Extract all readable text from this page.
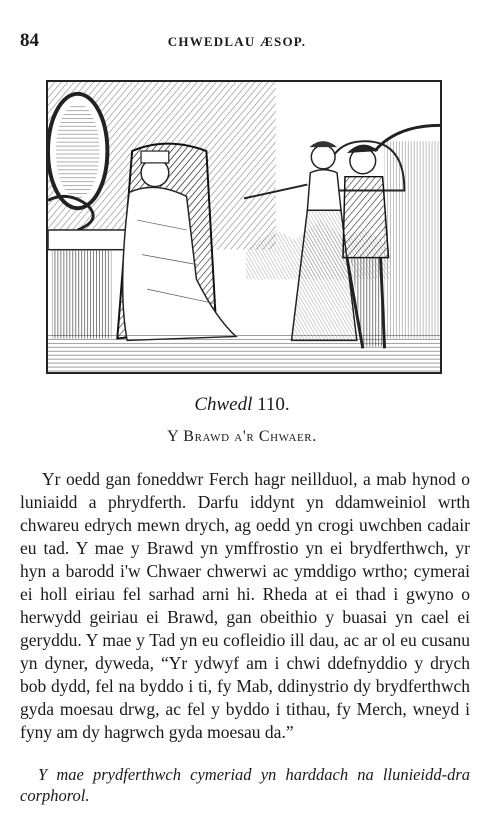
84	CHWEDLAU ÆSOP.
Chwedl 110.
Y Brawd a'r Chwaer.

Yr oedd gan foneddwr Ferch hagr neillduol, a mab hynod o luniaidd a phrydferth. Darfu iddynt yn ddamweiniol wrth chwareu edrych mewn drych, ag oedd yn crogi uwchben cadair eu tad. Y mae y Brawd yn ymffrostio yn ei brydferthwch, yr hyn a barodd i'w Chwaer chwerwi ac ymddigo wrtho; cymerai ei holl eiriau fel sarhad arni hi. Rheda at ei thad i gwyno o herwydd geiriau ei Brawd, gan obeithio y buasai yn cael ei geryddu. Y mae y Tad yn eu cofleidio ill dau, ac ar ol eu cusanu yn dyner, dyweda, “Yr ydwyf am i chwi ddefnyddio y drych bob dydd, fel na byddo i ti, fy Mab, ddinystrio dy brydferthwch gyda moesau drwg, ac fel y byddo i tithau, fy Merch, wneyd i fyny am dy hagrwch gyda moesau da.”

Y mae prydferthwch cymeriad yn harddach na llunieidd-dra corphorol.
